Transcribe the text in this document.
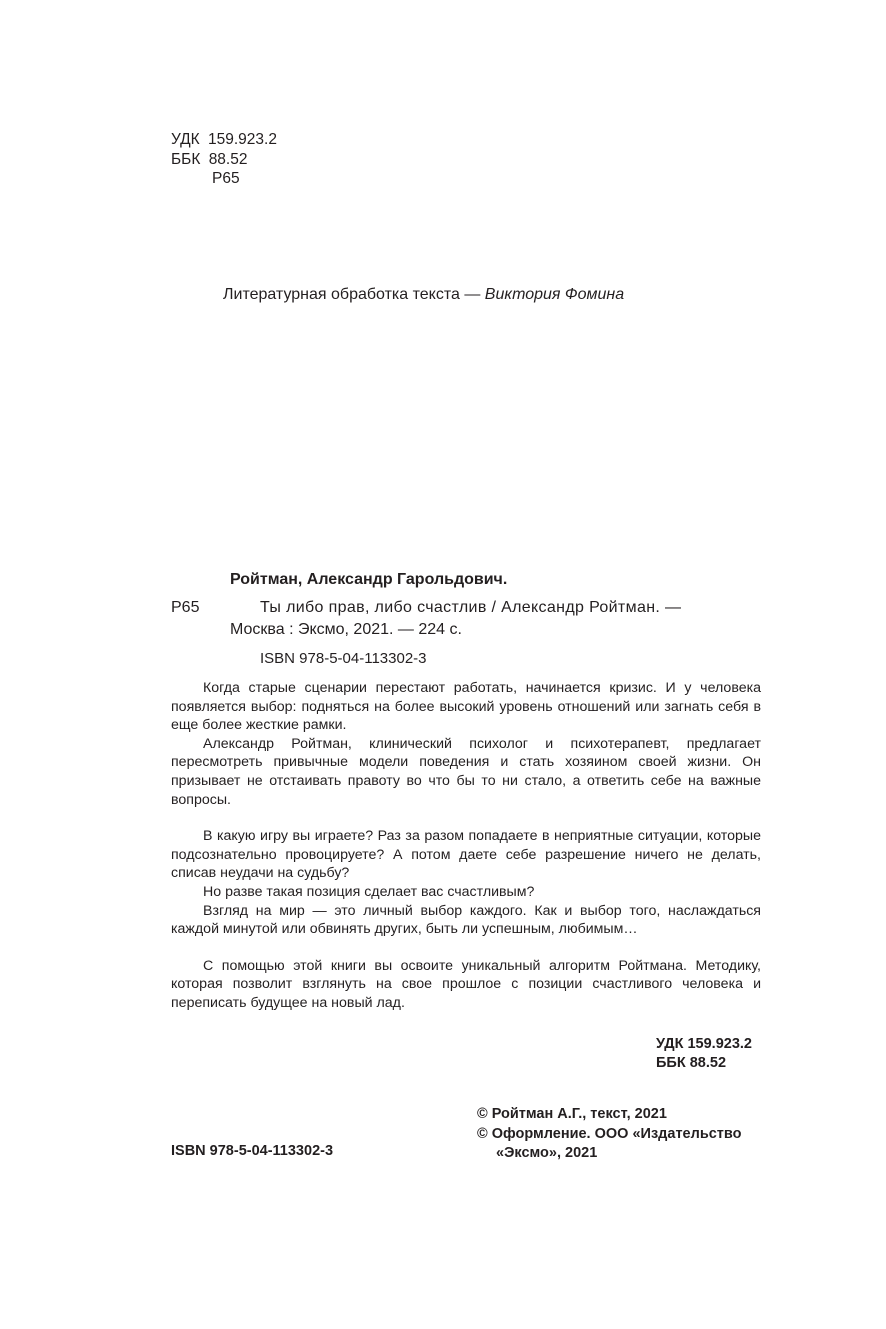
УДК 159.923.2
ББК 88.52
Р65
Литературная обработка текста — Виктория Фомина
Ройтман, Александр Гарольдович.
Р65	Ты либо прав, либо счастлив / Александр Ройтман. —
Москва : Эксмо, 2021. — 224 с.
ISBN 978-5-04-113302-3

Когда старые сценарии перестают работать, начинается кризис. И у человека появляется выбор: подняться на более высокий уровень отношений или загнать себя в еще более жесткие рамки.

Александр Ройтман, клинический психолог и психотерапевт, предлагает пересмотреть привычные модели поведения и стать хозяином своей жизни. Он призывает не отстаивать правоту во что бы то ни стало, а ответить себе на важные вопросы.

В какую игру вы играете? Раз за разом попадаете в неприятные ситуации, которые подсознательно провоцируете? А потом даете себе разрешение ничего не делать, списав неудачи на судьбу?

Но разве такая позиция сделает вас счастливым?

Взгляд на мир — это личный выбор каждого. Как и выбор того, наслаждаться каждой минутой или обвинять других, быть ли успешным, любимым…

С помощью этой книги вы освоите уникальный алгоритм Ройтмана. Методику, которая позволит взглянуть на свое прошлое с позиции счастливого человека и переписать будущее на новый лад.

УДК 159.923.2
ББК 88.52
ISBN 978-5-04-113302-3
© Ройтман А.Г., текст, 2021
© Оформление. ООО «Издательство
«Эксмо», 2021
